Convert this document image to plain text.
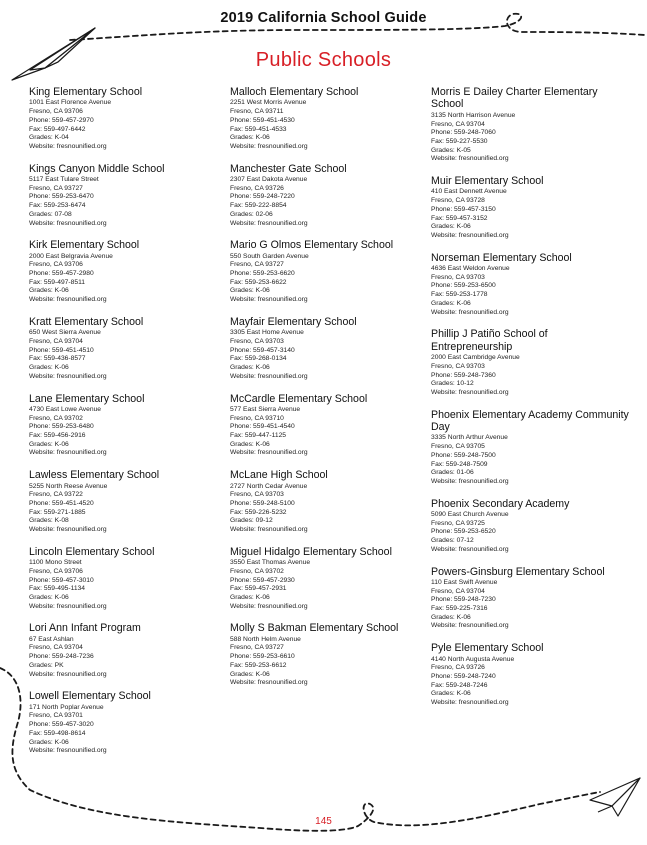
2019 California School Guide
Public Schools
King Elementary School
1001 East Florence Avenue
Fresno, CA 93706
Phone: 559-457-2970
Fax: 559-497-6442
Grades: K-04
Website: fresnounified.org
Kings Canyon Middle School
5117 East Tulare Street
Fresno, CA 93727
Phone: 559-253-6470
Fax: 559-253-6474
Grades: 07-08
Website: fresnounified.org
Kirk Elementary School
2000 East Belgravia Avenue
Fresno, CA 93706
Phone: 559-457-2980
Fax: 559-497-8511
Grades: K-06
Website: fresnounified.org
Kratt Elementary School
650 West Sierra Avenue
Fresno, CA 93704
Phone: 559-451-4510
Fax: 559-436-8577
Grades: K-06
Website: fresnounified.org
Lane Elementary School
4730 East Lowe Avenue
Fresno, CA 93702
Phone: 559-253-6480
Fax: 559-456-2916
Grades: K-06
Website: fresnounified.org
Lawless Elementary School
5255 North Reese Avenue
Fresno, CA 93722
Phone: 559-451-4520
Fax: 559-271-1885
Grades: K-08
Website: fresnounified.org
Lincoln Elementary School
1100 Mono Street
Fresno, CA 93706
Phone: 559-457-3010
Fax: 559-495-1134
Grades: K-06
Website: fresnounified.org
Lori Ann Infant Program
67 East Ashlan
Fresno, CA 93704
Phone: 559-248-7236
Grades: PK
Website: fresnounified.org
Lowell Elementary School
171 North Poplar Avenue
Fresno, CA 93701
Phone: 559-457-3020
Fax: 559-498-8614
Grades: K-06
Website: fresnounified.org
Malloch Elementary School
2251 West Morris Avenue
Fresno, CA 93711
Phone: 559-451-4530
Fax: 559-451-4533
Grades: K-06
Website: fresnounified.org
Manchester Gate School
2307 East Dakota Avenue
Fresno, CA 93726
Phone: 559-248-7220
Fax: 559-222-8854
Grades: 02-06
Website: fresnounified.org
Mario G Olmos Elementary School
550 South Garden Avenue
Fresno, CA 93727
Phone: 559-253-6620
Fax: 559-253-6622
Grades: K-06
Website: fresnounified.org
Mayfair Elementary School
3305 East Home Avenue
Fresno, CA 93703
Phone: 559-457-3140
Fax: 559-268-0134
Grades: K-06
Website: fresnounified.org
McCardle Elementary School
577 East Sierra Avenue
Fresno, CA 93710
Phone: 559-451-4540
Fax: 559-447-1125
Grades: K-06
Website: fresnounified.org
McLane High School
2727 North Cedar Avenue
Fresno, CA 93703
Phone: 559-248-5100
Fax: 559-226-5232
Grades: 09-12
Website: fresnounified.org
Miguel Hidalgo Elementary School
3550 East Thomas Avenue
Fresno, CA 93702
Phone: 559-457-2930
Fax: 559-457-2931
Grades: K-06
Website: fresnounified.org
Molly S Bakman Elementary School
588 North Helm Avenue
Fresno, CA 93727
Phone: 559-253-6610
Fax: 559-253-6612
Grades: K-06
Website: fresnounified.org
Morris E Dailey Charter Elementary School
3135 North Harrison Avenue
Fresno, CA 93704
Phone: 559-248-7060
Fax: 559-227-5530
Grades: K-05
Website: fresnounified.org
Muir Elementary School
410 East Dennett Avenue
Fresno, CA 93728
Phone: 559-457-3150
Fax: 559-457-3152
Grades: K-06
Website: fresnounified.org
Norseman Elementary School
4636 East Weldon Avenue
Fresno, CA 93703
Phone: 559-253-6500
Fax: 559-253-1778
Grades: K-06
Website: fresnounified.org
Phillip J Patiño School of Entrepreneurship
2000 East Cambridge Avenue
Fresno, CA 93703
Phone: 559-248-7360
Grades: 10-12
Website: fresnounified.org
Phoenix Elementary Academy Community Day
3335 North Arthur Avenue
Fresno, CA 93705
Phone: 559-248-7500
Fax: 559-248-7509
Grades: 01-06
Website: fresnounified.org
Phoenix Secondary Academy
5090 East Church Avenue
Fresno, CA 93725
Phone: 559-253-6520
Grades: 07-12
Website: fresnounified.org
Powers-Ginsburg Elementary School
110 East Swift Avenue
Fresno, CA 93704
Phone: 559-248-7230
Fax: 559-225-7316
Grades: K-06
Website: fresnounified.org
Pyle Elementary School
4140 North Augusta Avenue
Fresno, CA 93726
Phone: 559-248-7240
Fax: 559-248-7246
Grades: K-06
Website: fresnounified.org
145
